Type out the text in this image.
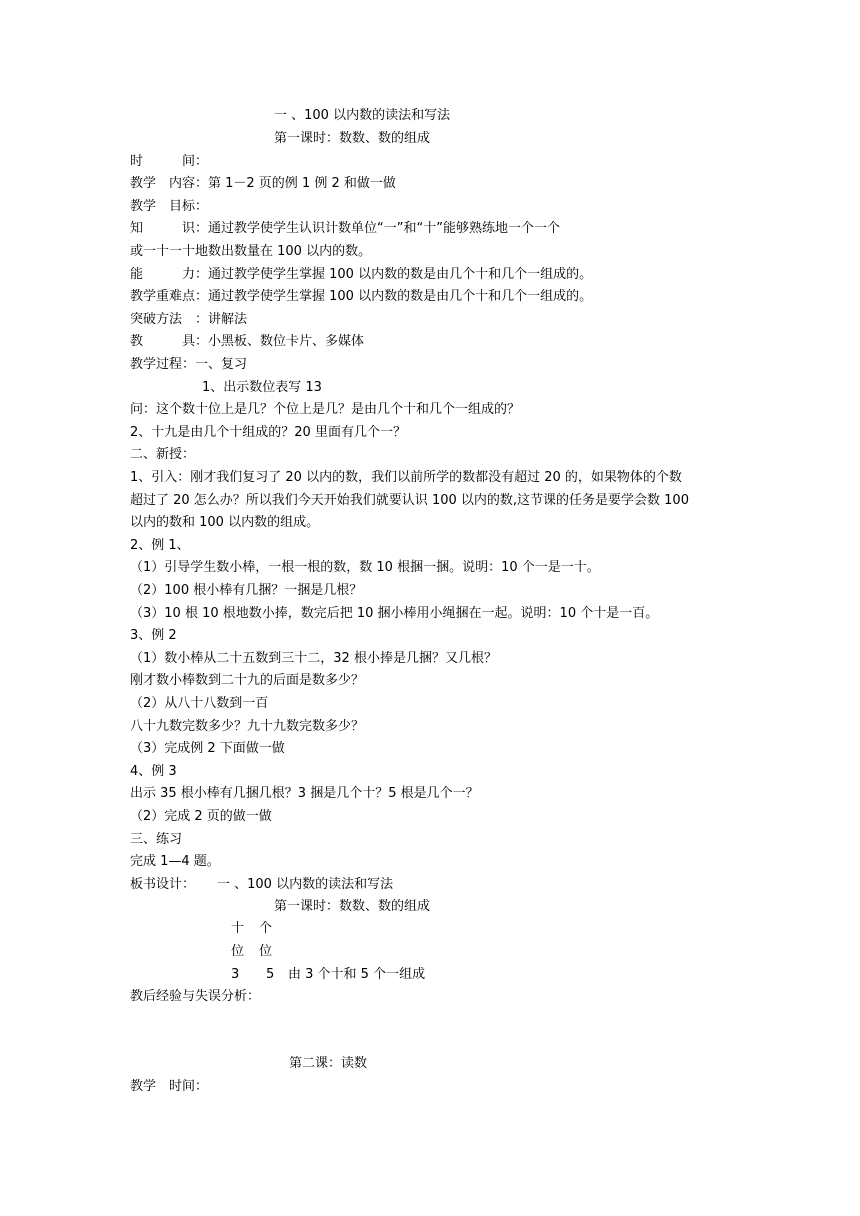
一 、100 以内数的读法和写法
第一课时：数数、数的组成
时　　　间：
教学　内容：第 1－2 页的例 1 例 2 和做一做
教学　目标：
知　　　识：通过教学使学生认识计数单位“一”和“十”能够熟练地一个一个
或一十一十地数出数量在 100 以内的数。
能　　　力：通过教学使学生掌握 100 以内数的数是由几个十和几个一组成的。
教学重难点：通过教学使学生掌握 100 以内数的数是由几个十和几个一组成的。
突破方法　：讲解法
教　　　具：小黑板、数位卡片、多媒体
教学过程：一、复习
1、出示数位表写 13
问：这个数十位上是几？个位上是几？是由几个十和几个一组成的？
2、十九是由几个十组成的？20 里面有几个一？
二、新授：
1、引入：刚才我们复习了 20 以内的数，我们以前所学的数都没有超过 20 的，如果物体的个数
超过了 20 怎么办？所以我们今天开始我们就要认识 100 以内的数,这节课的任务是要学会数 100
以内的数和 100 以内数的组成。
2、例 1、
（1）引导学生数小棒，一根一根的数，数 10 根捆一捆。说明：10 个一是一十。
（2）100 根小棒有几捆？一捆是几根？
（3）10 根 10 根地数小捧，数完后把 10 捆小棒用小绳捆在一起。说明：10 个十是一百。
3、例 2
（1）数小棒从二十五数到三十二，32 根小捧是几捆？又几根？
刚才数小棒数到二十九的后面是数多少？
（2）从八十八数到一百
八十九数完数多少？九十九数完数多少？
（3）完成例 2 下面做一做
4、例 3
出示 35 根小棒有几捆几根？3 捆是几个十？5 根是几个一？
（2）完成 2 页的做一做
三、练习
完成 1—4 题。
板书设计： 一 、100 以内数的读法和写法
第一课时：数数、数的组成
十 个
位 位
3 5 由 3 个十和 5 个一组成
教后经验与失误分析：
第二课：读数
教学　时间：
